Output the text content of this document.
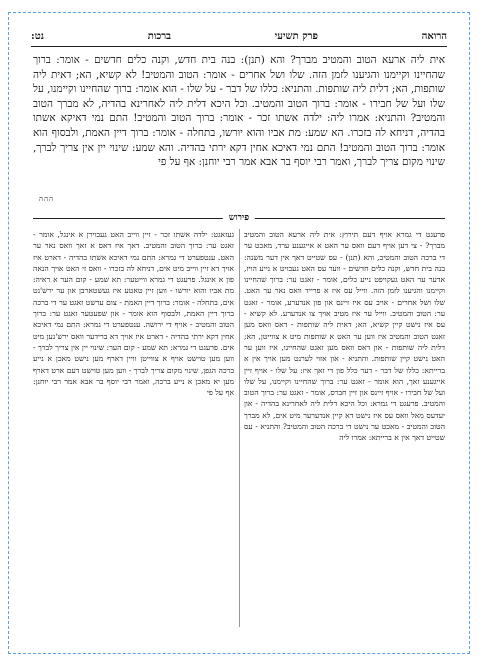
הרואה
פרק תשיעי
ברכות
נט:
אית ליה ארעא הטוב והמטיב מברך? והא (תנן): בנה בית חדש, וקנה כלים חדשים - אומר: ברוך שהחיינו וקיימנו והגיענו לזמן הזה. שלו ושל אחרים - אומר: הטוב והמטיב! לא קשיא, הא; דאית ליה שותפות, הא; דלית ליה שותפות. והתניא: כללו של דבר - על שלו - הוא אומר: ברוך שהחיינו וקיימנו, על שלו ועל של חבירו - אומר: ברוך הטוב והמטיב. וכל היכא דלית ליה לאחרינא בהדיה, לא מברך הטוב והמטיב? והתניא: אמרו ליה: ילדה אשתו זכר - אומר: ברוך הטוב והמטיב! התם נמי דאיקא אשתו בהדיה, דניחא לה בזכרו. הא שמע: מת אביו והוא יורשו, בתחלה - אומר: ברוך דיין האמת, ולבסוף הוא אומר: ברוך הטוב והמטיב! התם נמי דאיכא אחין דקא ירתי בהדיה. והא שמע: שינוי יין אין צריך לברך, שינוי מקום צריך לברך, ואמר רבי יוסף בר אבא אמר רבי יוחנן: אף על פי
ההה
פירוש
פרעגט די גמרא אויף דעם תירוץ: אית ליה ארעא הטוב והמטיב מברך? - צי דען אויף דעם וואס ער האט א אייגענע ערד, מאכט ער די ברכה הטוב והמטיב, והא (תנן) - עס שטייט דאך אין דער משנה: בנה בית חדש, וקנה כלים חדשים - ווער עס האט געבויט א נייע הויז, אדער ער האט געקויפט נייע כלים, אומר - זאגט ער: ברוך שהחיינו וקיימנו והגיענו לזמן הזה. ווייל עס איז א פרייד וואס נאר ער האט. שלו ושל אחרים - אויב עס איז זיינס און פון אנדערע, אומר - זאגט ער: הטוב והמטיב. ווייל ער איז מטיב אויך צו אנדערע. לא קשיא - עס איז נישט קיין קשיא, הא; דאית ליה שותפות - דאס וואס מען זאגט הטוב והמטיב איז ווען ער האט א שותפות מיט א צווייטן, הא; דלית ליה שותפות - און דאס וואס מען זאגט שהחיינו, איז ווען ער האט נישט קיין שותפות. והתניא - און אזוי לערנט מען אויך אין א ברייתא: כללו של דבר - דער כלל פון די זאך איז: על שלו - אויף זיין אייגענע זאך, הוא אומר - זאגט ער: ברוך שהחיינו וקיימנו, על שלו ועל של חבירו - אויף זיינס און זיין חברס, אומר - זאגט ער: ברוך הטוב והמטיב. פרעגט די גמרא: וכל היכא דלית ליה לאחרינא בהדיה - און יעדעס מאל וואס עס איז נישט דא קיין אנדערער מיט אים, לא מברך הטוב והמטיב - מאכט ער נישט די ברכה הטוב והמטיב? והתניא - עס שטייט דאך אין א ברייתא: אמרו ליה
געזאגט: ילדה אשתו זכר - זיין ווייב האט געבוירן א אינגל, אומר - זאגט ער: ברוך הטוב והמטיב. דאך איז דאס א זאך וואס נאר ער האט. ענטפערט די גמרא: התם נמי דאיכא אשתו בהדיה - דארט איז אויך דא זיין ווייב מיט אים, דניחא לה בזכרו - וואס זי האט אויך הנאה פון א אינגל. פרעגט די גמרא ווייטער: תא שמע - קום הער א ראיה: מת אביו והוא יורשו - ווען זיין טאטע איז געשטארבן און ער ירש'נט אים, בתחלה - אומר: ברוך דיין האמת - צום ערשט זאגט ער די ברכה ברוך דיין האמת, ולבסוף הוא אומר - און שפעטער זאגט ער: ברוך הטוב והמטיב - אויף די ירושה. ענטפערט די גמרא: התם נמי דאיכא אחין דקא ירתי בהדיה - דארט איז אויך דא ברידער וואס ירש'נען מיט אים. פרעגט די גמרא: תא שמע - קום הער: שינוי יין אין צריך לברך - ווען מען טוישט אויף א צווייטן וויין דארף מען נישט מאכן א נייע ברכה הגפן, שינוי מקום צריך לברך - ווען מען טוישט דעם ארט דארף מען יא מאכן א נייע ברכה, ואמר רבי יוסף בר אבא אמר רבי יוחנן: אף על פי
